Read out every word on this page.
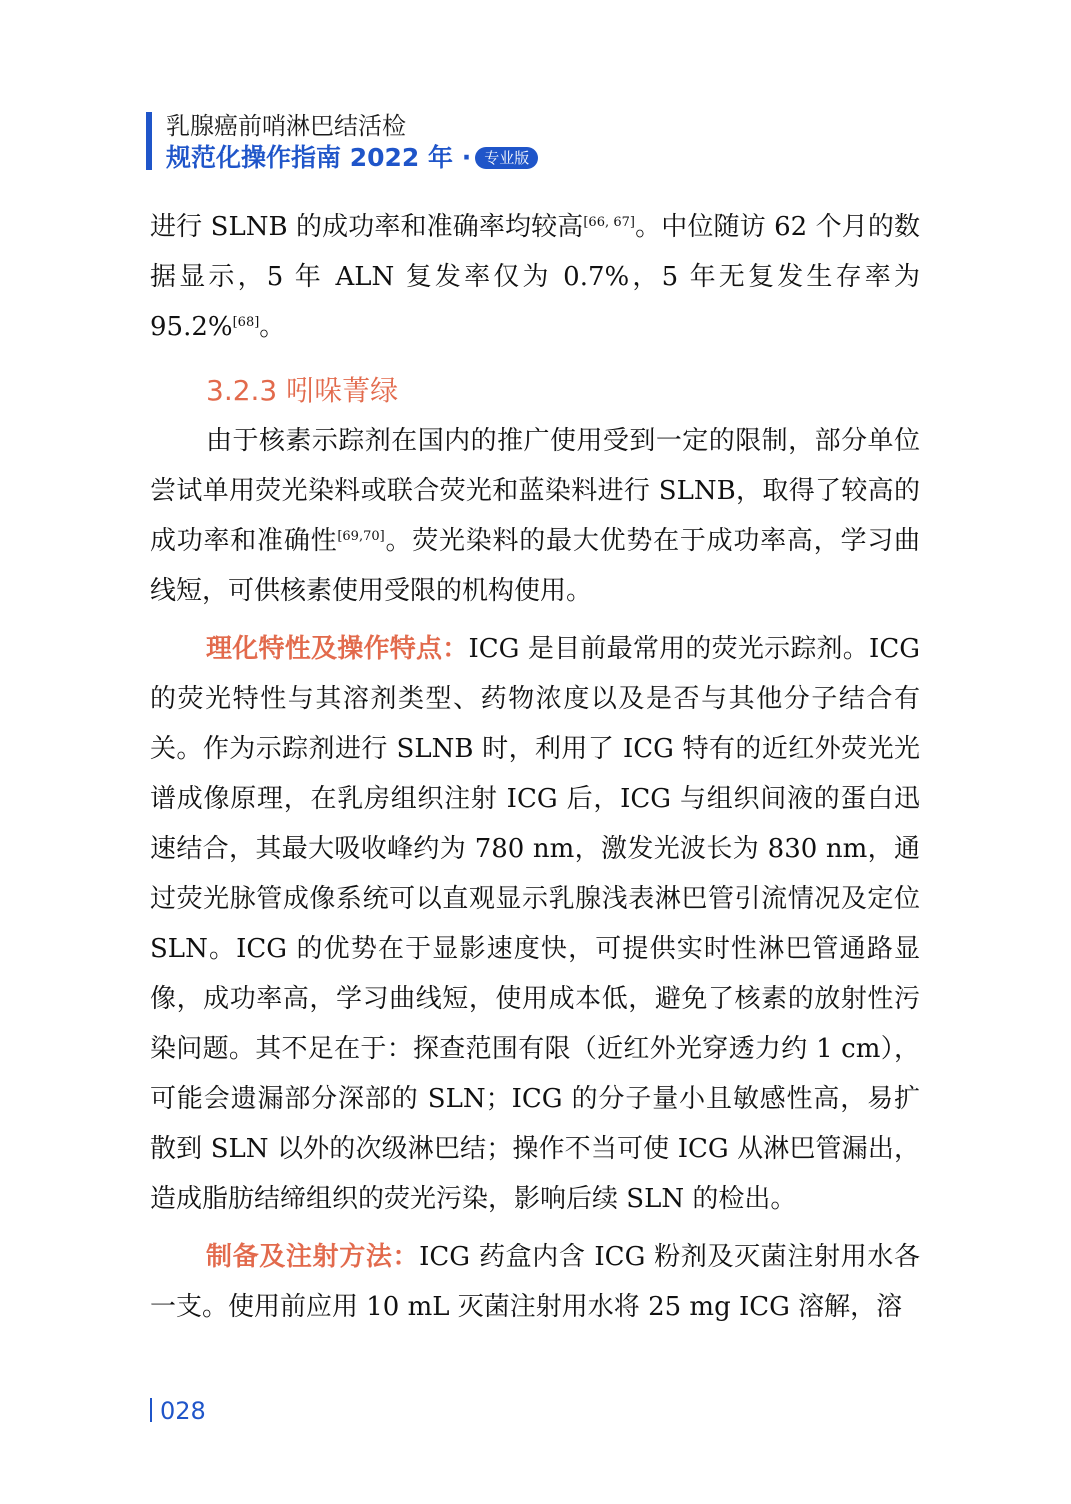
乳腺癌前哨淋巴结活检
规范化操作指南 2022 年 · 专业版

进行 SLNB 的成功率和准确率均较高[66, 67]。中位随访 62 个月的数据显示，5 年 ALN 复发率仅为 0.7%，5 年无复发生存率为 95.2%[68]。

3.2.3 吲哚菁绿

由于核素示踪剂在国内的推广使用受到一定的限制，部分单位尝试单用荧光染料或联合荧光和蓝染料进行 SLNB，取得了较高的成功率和准确性[69,70]。荧光染料的最大优势在于成功率高，学习曲线短，可供核素使用受限的机构使用。

理化特性及操作特点：ICG 是目前最常用的荧光示踪剂。ICG 的荧光特性与其溶剂类型、药物浓度以及是否与其他分子结合有关。作为示踪剂进行 SLNB 时，利用了 ICG 特有的近红外荧光光谱成像原理，在乳房组织注射 ICG 后，ICG 与组织间液的蛋白迅速结合，其最大吸收峰约为 780 nm，激发光波长为 830 nm，通过荧光脉管成像系统可以直观显示乳腺浅表淋巴管引流情况及定位 SLN。ICG 的优势在于显影速度快，可提供实时性淋巴管通路显像，成功率高，学习曲线短，使用成本低，避免了核素的放射性污染问题。其不足在于：探查范围有限（近红外光穿透力约 1 cm），可能会遗漏部分深部的 SLN；ICG 的分子量小且敏感性高，易扩散到 SLN 以外的次级淋巴结；操作不当可使 ICG 从淋巴管漏出，造成脂肪结缔组织的荧光污染，影响后续 SLN 的检出。

制备及注射方法：ICG 药盒内含 ICG 粉剂及灭菌注射用水各一支。使用前应用 10 mL 灭菌注射用水将 25 mg ICG 溶解，溶

028
